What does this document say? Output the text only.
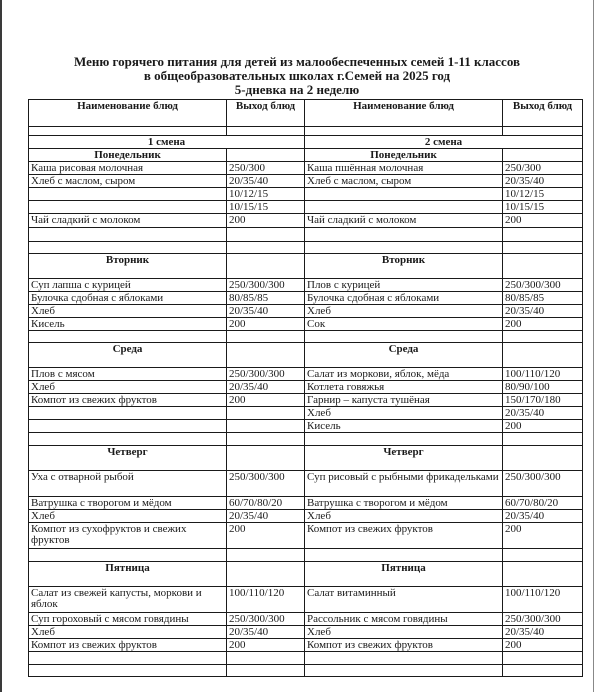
Меню горячего питания для детей из малообеспеченных семей 1-11 классов
в общеобразовательных школах г.Семей на 2025 год
5-дневка на 2 неделю
Наименование блюд	Выход блюд	Наименование блюд	Выход блюд

1 смена		2 смена	
Понедельник		Понедельник	
Каша рисовая молочная	250/300	Каша пшённая молочная	250/300
Хлеб с маслом, сыром	20/35/40	Хлеб с маслом, сыром	20/35/40
	10/12/15		10/12/15
	10/15/15		10/15/15
Чай сладкий с молоком	200	Чай сладкий с молоком	200

Вторник		Вторник	
Суп лапша с курицей	250/300/300	Плов с курицей	250/300/300
Булочка сдобная с яблоками	80/85/85	Булочка сдобная с яблоками	80/85/85
Хлеб	20/35/40	Хлеб	20/35/40
Кисель	200	Сок	200

Среда		Среда	
Плов с мясом	250/300/300	Салат из моркови, яблок, мёда	100/110/120
Хлеб	20/35/40	Котлета говяжья	80/90/100
Компот из свежих фруктов	200	Гарнир – капуста тушёная	150/170/180
		Хлеб	20/35/40
		Кисель	200

Четверг		Четверг	
Уха с отварной рыбой	250/300/300	Суп рисовый с рыбными фрикадельками	250/300/300
Ватрушка с творогом и мёдом	60/70/80/20	Ватрушка с творогом и мёдом	60/70/80/20
Хлеб	20/35/40	Хлеб	20/35/40
Компот из сухофруктов и свежих фруктов	200	Компот из свежих фруктов	200

Пятница		Пятница	
Салат из свежей капусты, моркови и яблок	100/110/120	Салат витаминный	100/110/120
Суп гороховый с мясом говядины	250/300/300	Рассольник с мясом говядины	250/300/300
Хлеб	20/35/40	Хлеб	20/35/40
Компот из свежих фруктов	200	Компот из свежих фруктов	200
